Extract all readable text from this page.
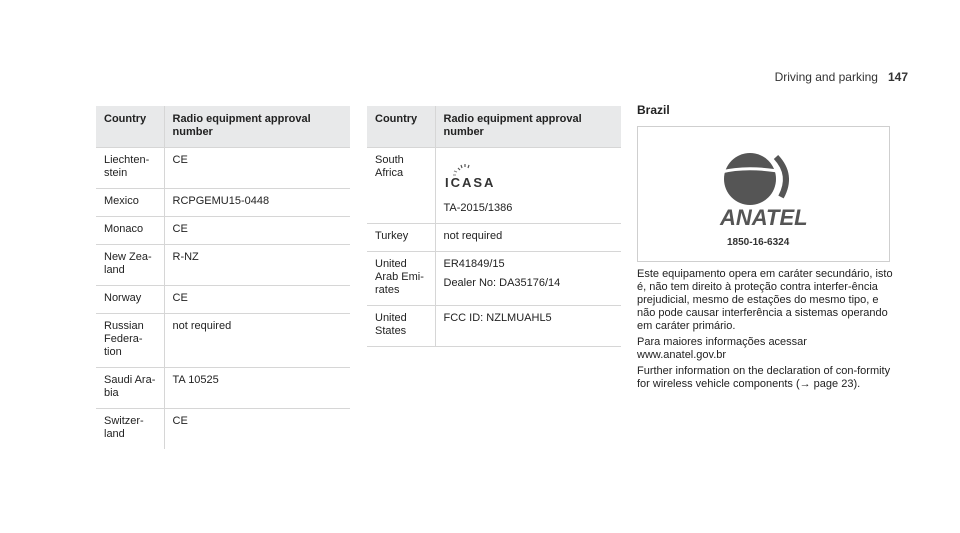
Driving and parking 147
Country	Radio equipment approval number
Liechten-stein	CE
Mexico	RCPGEMU15-0448
Monaco	CE
New Zea-land	R-NZ
Norway	CE
Russian Federa-tion	not required
Saudi Ara-bia	TA 10525
Switzer-land	CE
Country	Radio equipment approval number
South Africa	ICASA
TA-2015/1386

Turkey	not required
United Arab Emi-rates	ER41849/15
Dealer No: DA35176/14

United States	FCC ID: NZLMUAHL5
Brazil
ANATEL
1850-16-6324

Este equipamento opera em caráter secundário, isto é, não tem direito à proteção contra interfer-ência prejudicial, mesmo de estações do mesmo tipo, e não pode causar interferência a sistemas operando em caráter primário.

Para maiores informações acessar www.anatel.gov.br

Further information on the declaration of con-formity for wireless vehicle components (→ page 23).
